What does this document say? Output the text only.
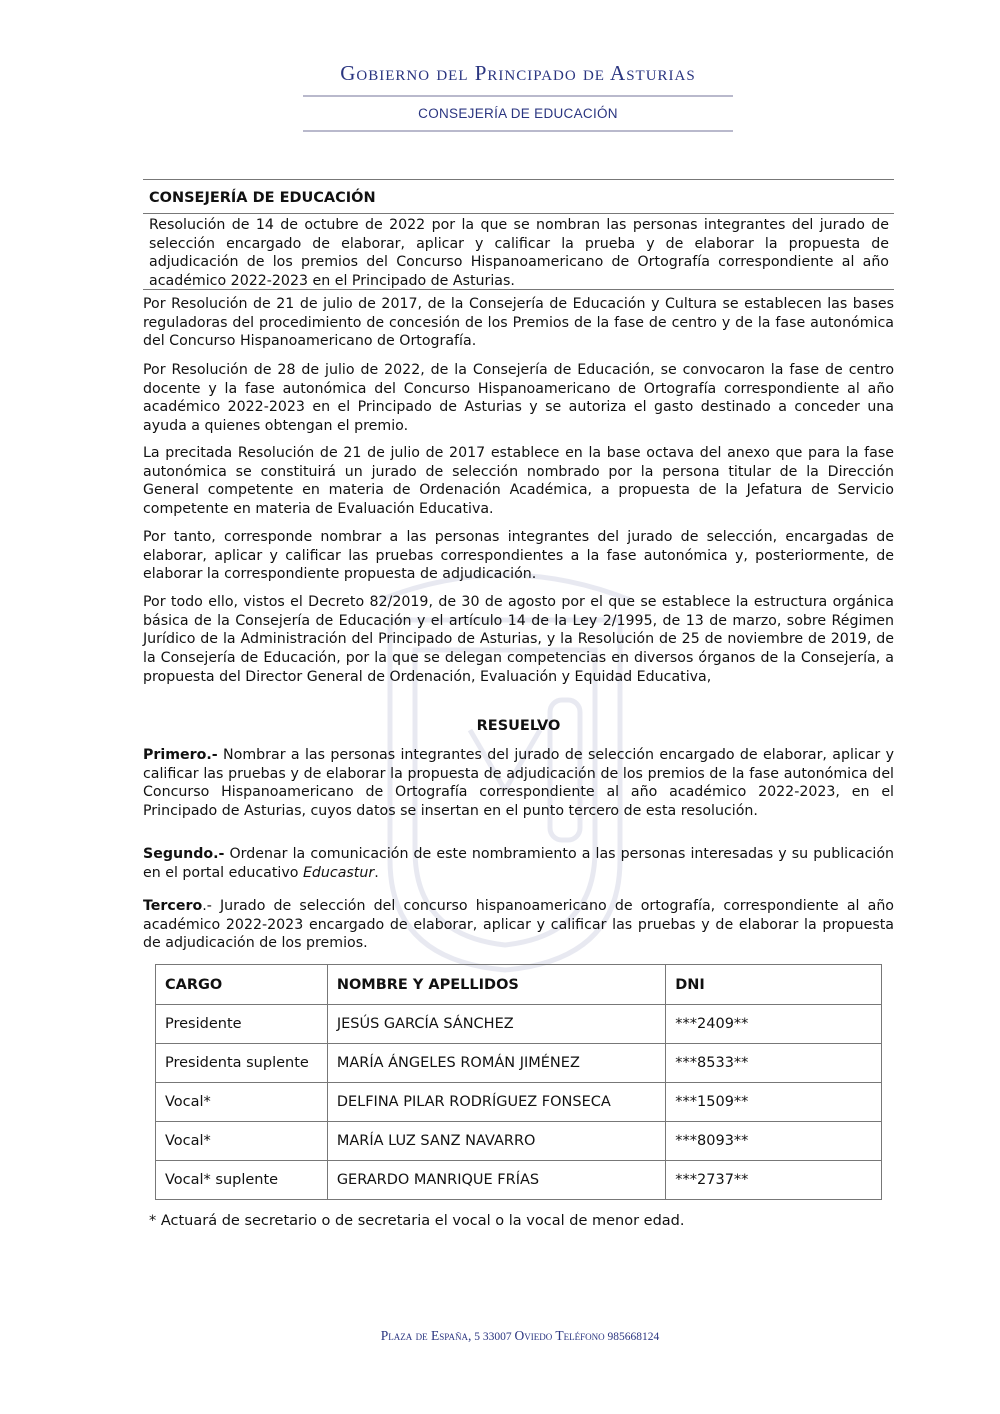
Gobierno del Principado de Asturias
CONSEJERÍA DE EDUCACIÓN
CONSEJERÍA DE EDUCACIÓN
Resolución de 14 de octubre de 2022 por la que se nombran las personas integrantes del jurado de selección encargado de elaborar, aplicar y calificar la prueba y de elaborar la propuesta de adjudicación de los premios del Concurso Hispanoamericano de Ortografía correspondiente al año académico 2022-2023 en el Principado de Asturias.
Por Resolución de 21 de julio de 2017, de la Consejería de Educación y Cultura se establecen las bases reguladoras del procedimiento de concesión de los Premios de la fase de centro y de la fase autonómica del Concurso Hispanoamericano de Ortografía.
Por Resolución de 28 de julio de 2022, de la Consejería de Educación, se convocaron la fase de centro docente y la fase autonómica del Concurso Hispanoamericano de Ortografía correspondiente al año académico 2022-2023 en el Principado de Asturias y se autoriza el gasto destinado a conceder una ayuda a quienes obtengan el premio.
La precitada Resolución de 21 de julio de 2017 establece en la base octava del anexo que para la fase autonómica se constituirá un jurado de selección nombrado por la persona titular de la Dirección General competente en materia de Ordenación Académica, a propuesta de la Jefatura de Servicio competente en materia de Evaluación Educativa.
Por tanto, corresponde nombrar a las personas integrantes del jurado de selección, encargadas de elaborar, aplicar y calificar las pruebas correspondientes a la fase autonómica y, posteriormente, de elaborar la correspondiente propuesta de adjudicación.
Por todo ello, vistos el Decreto 82/2019, de 30 de agosto por el que se establece la estructura orgánica básica de la Consejería de Educación y el artículo 14 de la Ley 2/1995, de 13 de marzo, sobre Régimen Jurídico de la Administración del Principado de Asturias, y la Resolución de 25 de noviembre de 2019, de la Consejería de Educación, por la que se delegan competencias en diversos órganos de la Consejería, a propuesta del Director General de Ordenación, Evaluación y Equidad Educativa,
RESUELVO
Primero.- Nombrar a las personas integrantes del jurado de selección encargado de elaborar, aplicar y calificar las pruebas y de elaborar la propuesta de adjudicación de los premios de la fase autonómica del Concurso Hispanoamericano de Ortografía correspondiente al año académico 2022-2023, en el Principado de Asturias, cuyos datos se insertan en el punto tercero de esta resolución.
Segundo.- Ordenar la comunicación de este nombramiento a las personas interesadas y su publicación en el portal educativo Educastur.
Tercero.- Jurado de selección del concurso hispanoamericano de ortografía, correspondiente al año académico 2022-2023 encargado de elaborar, aplicar y calificar las pruebas y de elaborar la propuesta de adjudicación de los premios.
CARGO	NOMBRE Y APELLIDOS	DNI
Presidente	JESÚS GARCÍA SÁNCHEZ	***2409**
Presidenta suplente	MARÍA ÁNGELES ROMÁN JIMÉNEZ	***8533**
Vocal*	DELFINA PILAR RODRÍGUEZ FONSECA	***1509**
Vocal*	MARÍA LUZ SANZ NAVARRO	***8093**
Vocal* suplente	GERARDO MANRIQUE FRÍAS	***2737**
* Actuará de secretario o de secretaria el vocal o la vocal de menor edad.
Plaza de España, 5 33007 Oviedo Teléfono 985668124
